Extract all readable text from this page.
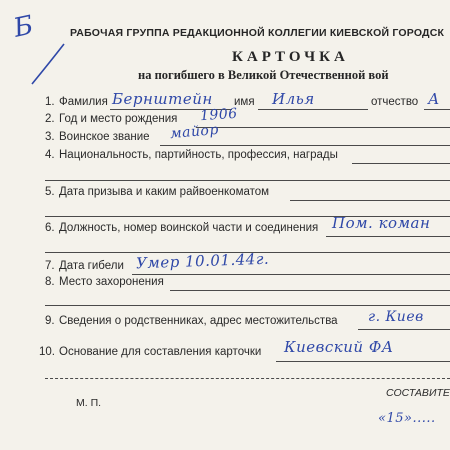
Б	РАБОЧАЯ ГРУППА РЕДАКЦИОННОЙ КОЛЛЕГИИ КИЕВСКОЙ ГОРОДСК
КАРТОЧКА
на погибшего в Великой Отечественной вой
1. Фамилия Бернштейн имя Илья	отчество А
2. Год и место рождения 1906
3. Воинское звание майор
4. Национальность, партийность, профессия, награды
5. Дата призыва и каким райвоенкоматом
6. Должность, номер воинской части и соединения Пом. коман
7. Дата гибели Умер 10.01.44г.
8. Место захоронения
9. Сведения о родственниках, адрес местожительства г. Киев
10. Основание для составления карточки Киевский ФА
М. П.
СОСТАВИТЕ
«15».....
